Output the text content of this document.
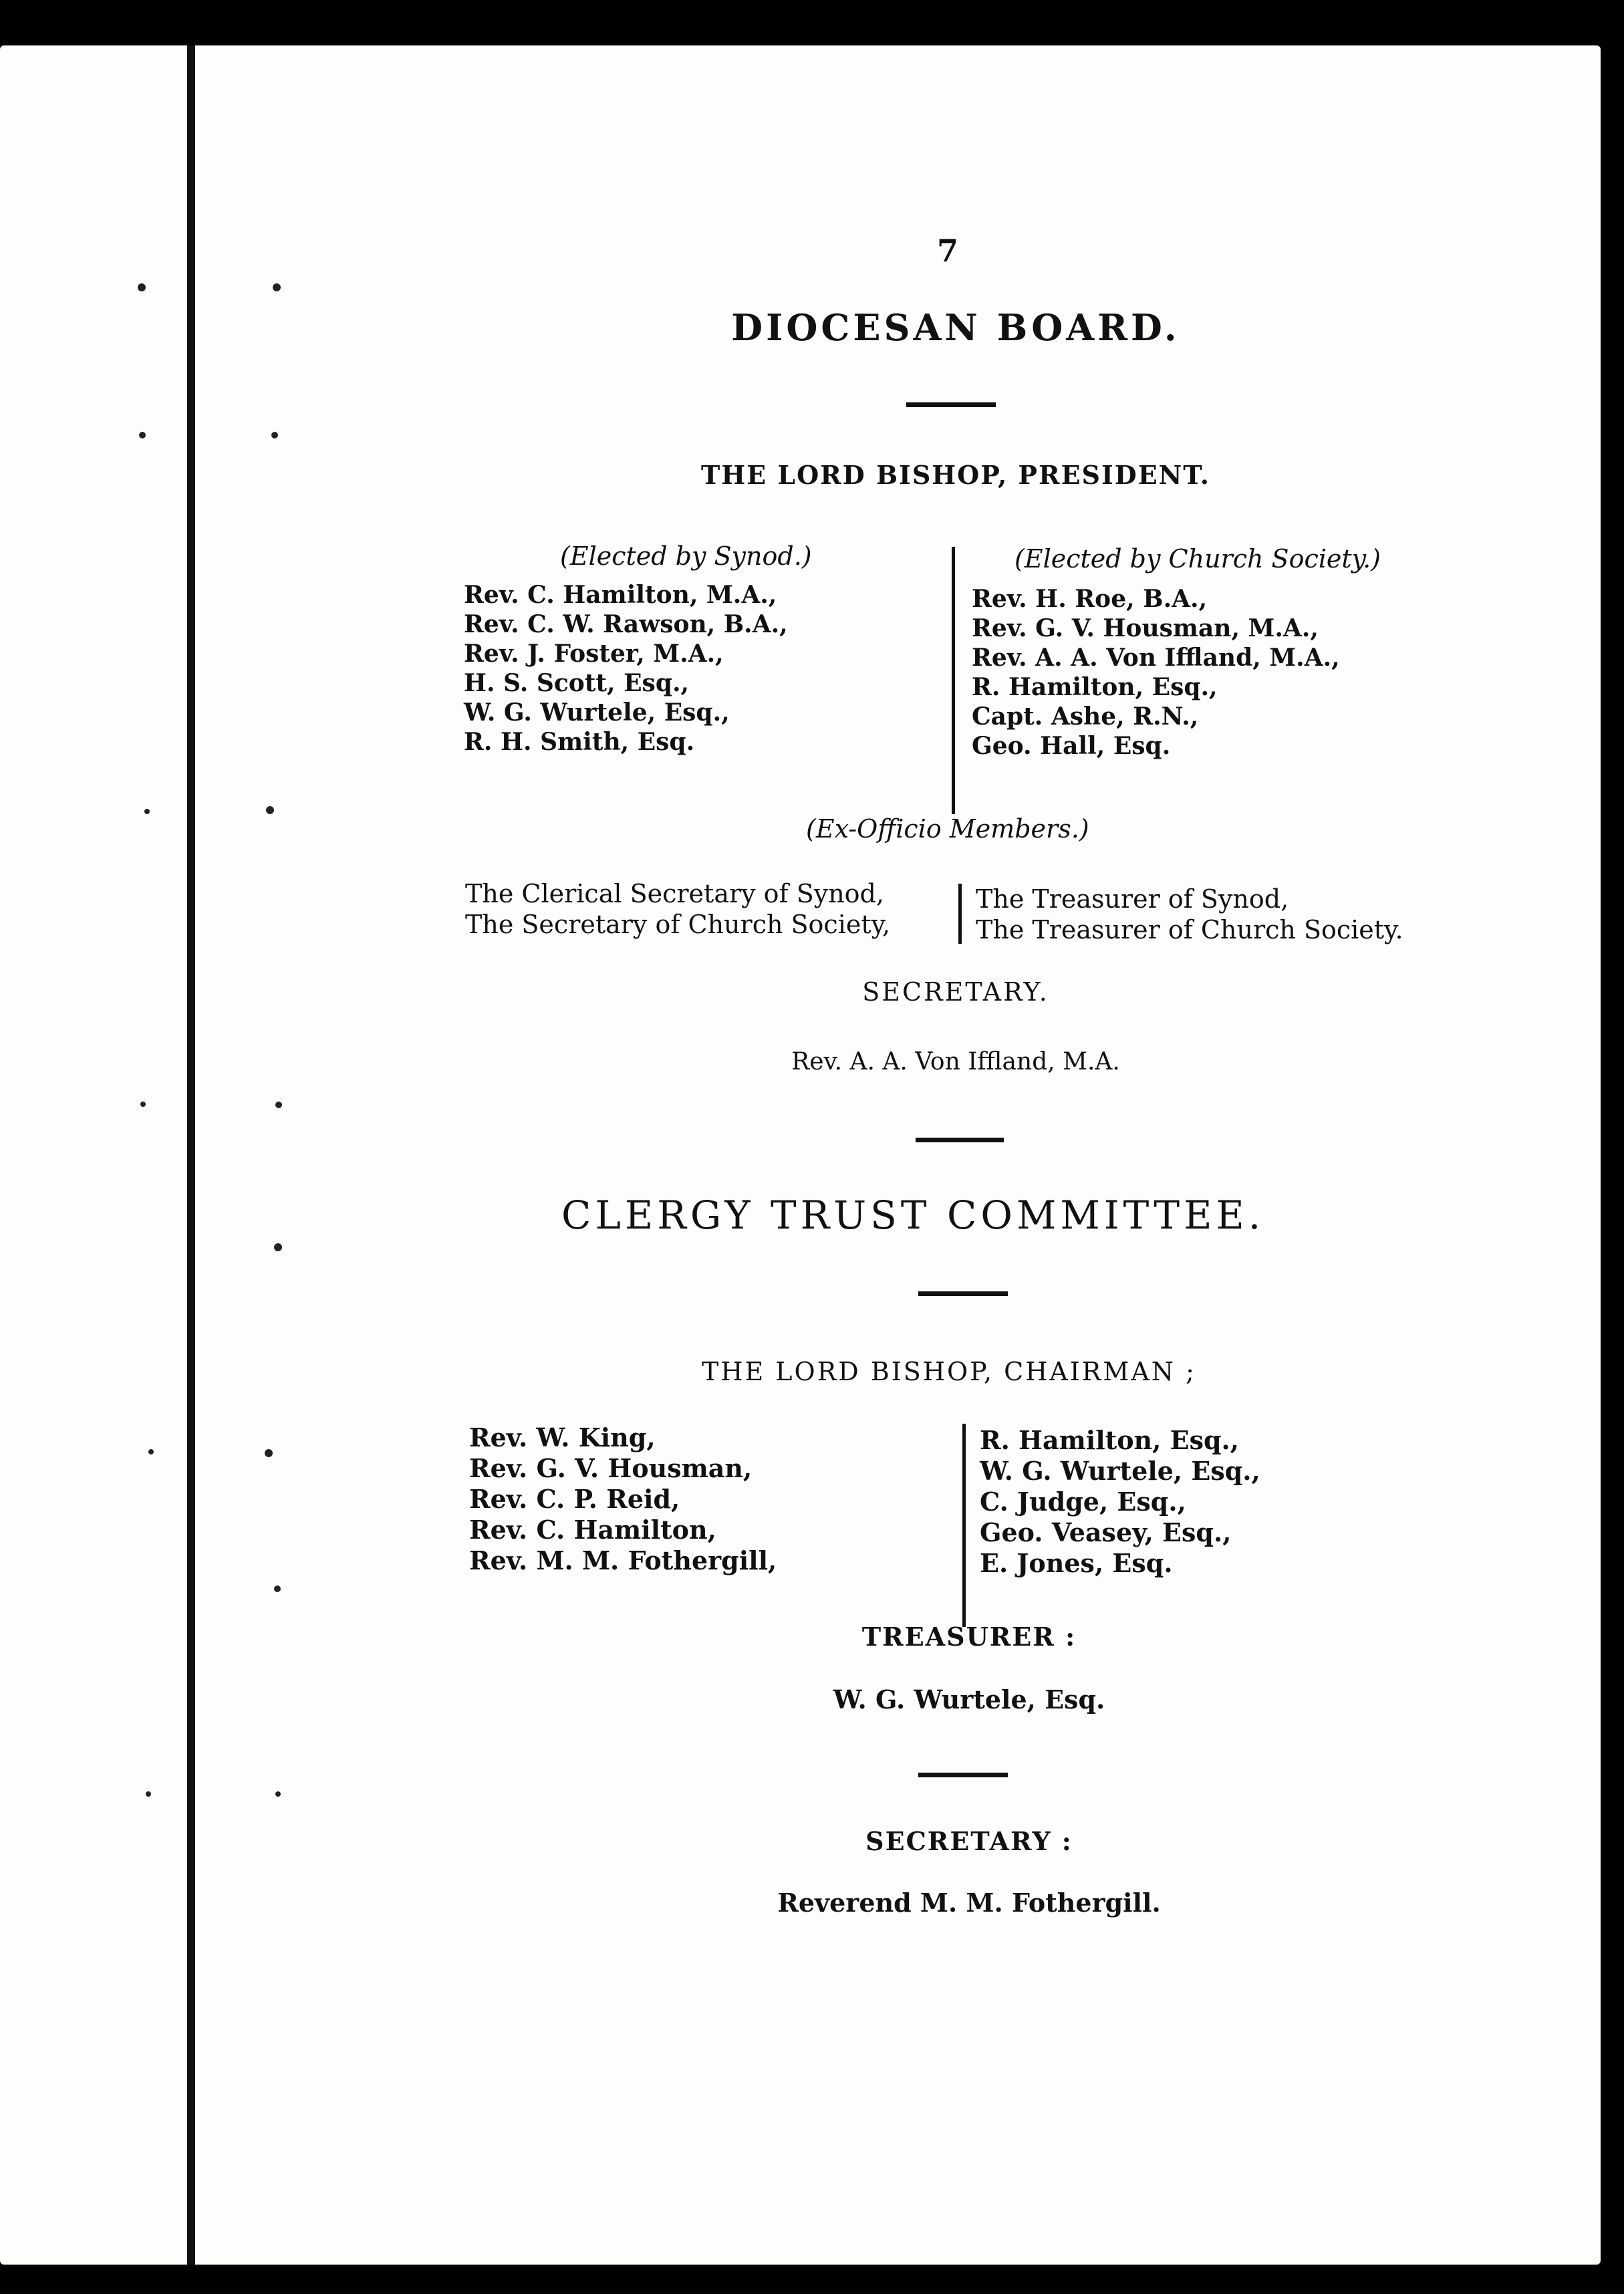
7
DIOCESAN BOARD.
THE LORD BISHOP, PRESIDENT.
(Elected by Synod.)	(Elected by Church Society.)
Rev. C. Hamilton, M.A.,
Rev. C. W. Rawson, B.A.,
Rev. J. Foster, M.A.,
H. S. Scott, Esq.,
W. G. Wurtele, Esq.,
R. H. Smith, Esq.
Rev. H. Roe, B.A.,
Rev. G. V. Housman, M.A.,
Rev. A. A. Von Iffland, M.A.,
R. Hamilton, Esq.,
Capt. Ashe, R.N.,
Geo. Hall, Esq.
(Ex-Officio Members.)
The Clerical Secretary of Synod,
The Secretary of Church Society,
The Treasurer of Synod,
The Treasurer of Church Society.
SECRETARY.
Rev. A. A. Von Iffland, M.A.
CLERGY TRUST COMMITTEE.
THE LORD BISHOP, CHAIRMAN ;
Rev. W. King,
Rev. G. V. Housman,
Rev. C. P. Reid,
Rev. C. Hamilton,
Rev. M. M. Fothergill,
R. Hamilton, Esq.,
W. G. Wurtele, Esq.,
C. Judge, Esq.,
Geo. Veasey, Esq.,
E. Jones, Esq.
TREASURER :
W. G. Wurtele, Esq.
SECRETARY :
Reverend M. M. Fothergill.
